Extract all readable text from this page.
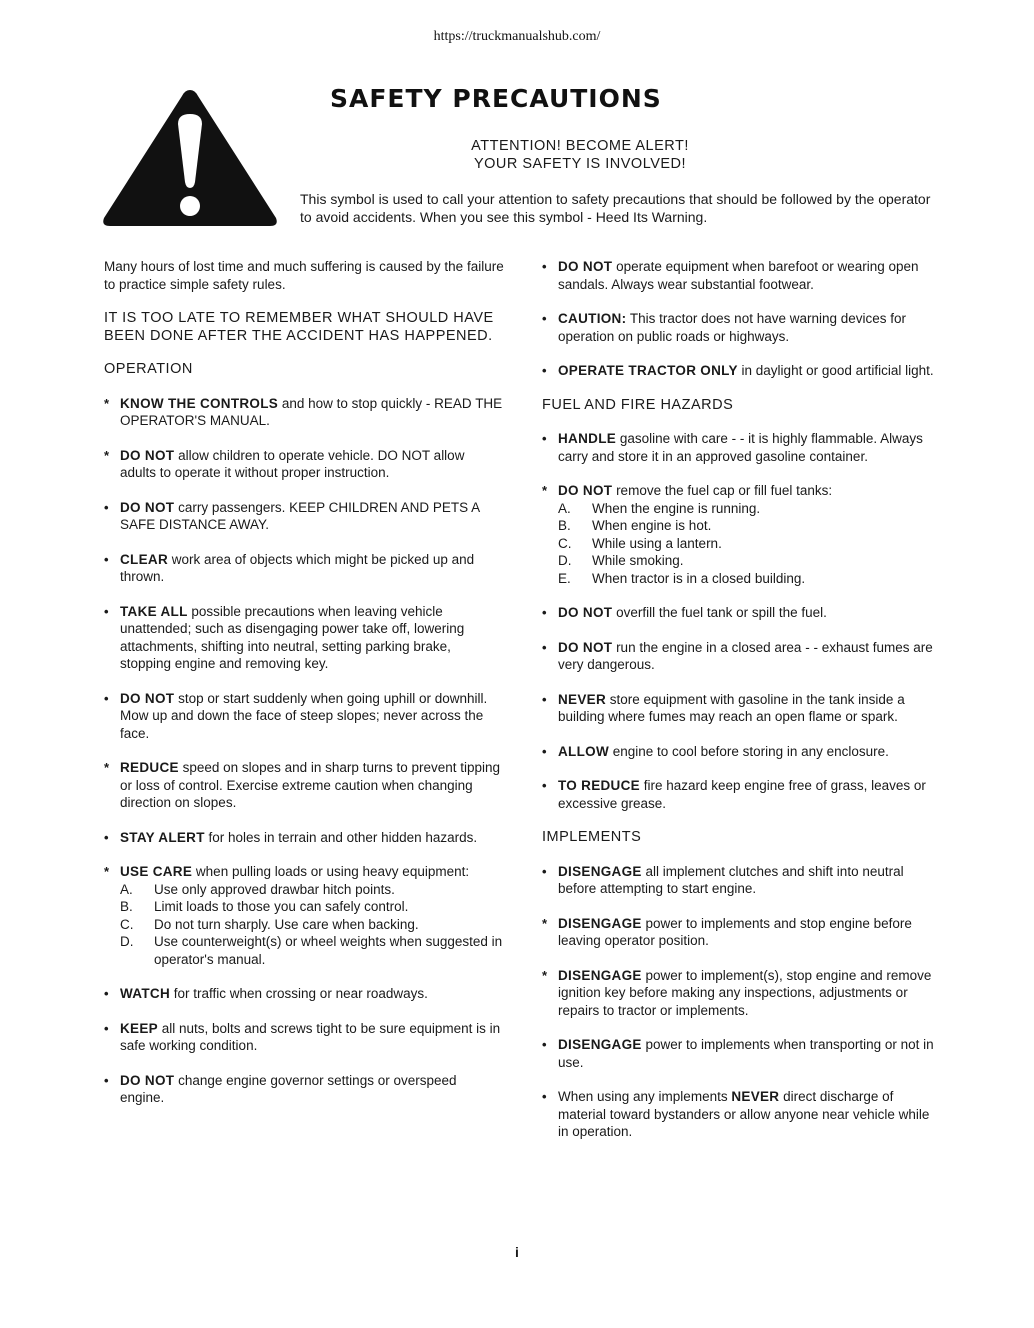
https://truckmanualshub.com/
SAFETY PRECAUTIONS
ATTENTION! BECOME ALERT!
YOUR SAFETY IS INVOLVED!
This symbol is used to call your attention to safety precautions that should be followed by the operator to avoid accidents. When you see this symbol - Heed Its Warning.

Many hours of lost time and much suffering is caused by the failure to practice simple safety rules.

IT IS TOO LATE TO REMEMBER WHAT SHOULD HAVE BEEN DONE AFTER THE ACCIDENT HAS HAPPENED.

OPERATION
* KNOW THE CONTROLS and how to stop quickly - READ THE OPERATOR'S MANUAL.
* DO NOT allow children to operate vehicle. DO NOT allow adults to operate it without proper instruction.
• DO NOT carry passengers. KEEP CHILDREN AND PETS A SAFE DISTANCE AWAY.
• CLEAR work area of objects which might be picked up and thrown.
• TAKE ALL possible precautions when leaving vehicle unattended; such as disengaging power take off, lowering attachments, shifting into neutral, setting parking brake, stopping engine and removing key.
• DO NOT stop or start suddenly when going uphill or downhill. Mow up and down the face of steep slopes; never across the face.
* REDUCE speed on slopes and in sharp turns to prevent tipping or loss of control. Exercise extreme caution when changing direction on slopes.
• STAY ALERT for holes in terrain and other hidden hazards.
* USE CARE when pulling loads or using heavy equipment:
A. Use only approved drawbar hitch points.
B. Limit loads to those you can safely control.
C. Do not turn sharply. Use care when backing.
D. Use counterweight(s) or wheel weights when suggested in operator's manual.
• WATCH for traffic when crossing or near roadways.
• KEEP all nuts, bolts and screws tight to be sure equipment is in safe working condition.
• DO NOT change engine governor settings or overspeed engine.
• DO NOT operate equipment when barefoot or wearing open sandals. Always wear substantial footwear.
• CAUTION: This tractor does not have warning devices for operation on public roads or highways.
• OPERATE TRACTOR ONLY in daylight or good artificial light.
FUEL AND FIRE HAZARDS
• HANDLE gasoline with care - - it is highly flammable. Always carry and store it in an approved gasoline container.
* DO NOT remove the fuel cap or fill fuel tanks:
A. When the engine is running.
B. When engine is hot.
C. While using a lantern.
D. While smoking.
E. When tractor is in a closed building.
• DO NOT overfill the fuel tank or spill the fuel.
• DO NOT run the engine in a closed area - - exhaust fumes are very dangerous.
• NEVER store equipment with gasoline in the tank inside a building where fumes may reach an open flame or spark.
• ALLOW engine to cool before storing in any enclosure.
• TO REDUCE fire hazard keep engine free of grass, leaves or excessive grease.
IMPLEMENTS
• DISENGAGE all implement clutches and shift into neutral before attempting to start engine.
* DISENGAGE power to implements and stop engine before leaving operator position.
* DISENGAGE power to implement(s), stop engine and remove ignition key before making any inspections, adjustments or repairs to tractor or implements.
• DISENGAGE power to implements when transporting or not in use.
• When using any implements NEVER direct discharge of material toward bystanders or allow anyone near vehicle while in operation.
i
